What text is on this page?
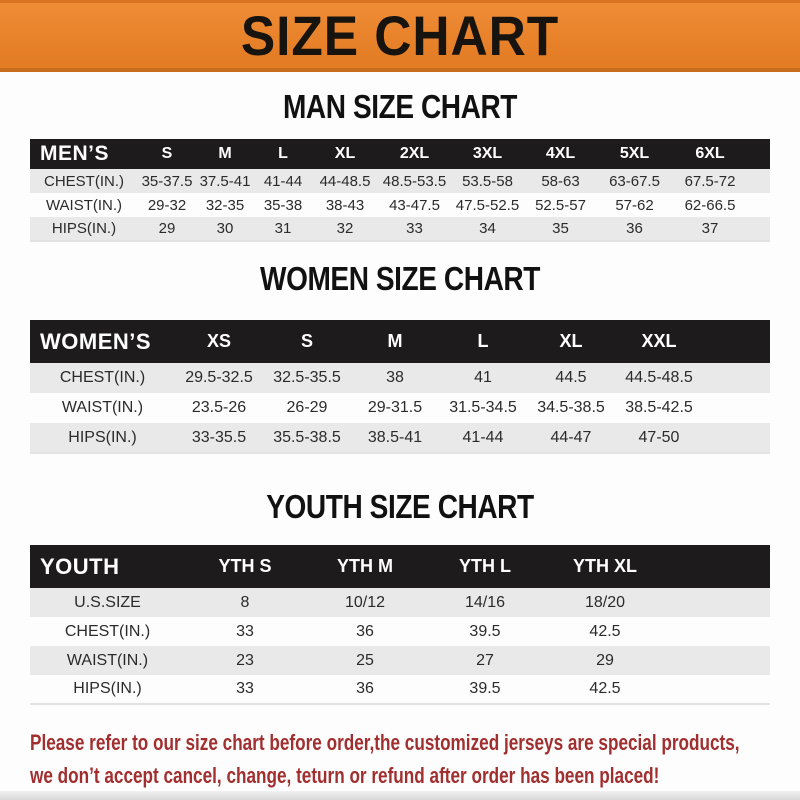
SIZE CHART
MAN SIZE CHART
MEN’S	S	M	L	XL	2XL	3XL	4XL	5XL	6XL	
CHEST(IN.)	35-37.5	37.5-41	41-44	44-48.5	48.5-53.5	53.5-58	58-63	63-67.5	67.5-72	
WAIST(IN.)	29-32	32-35	35-38	38-43	43-47.5	47.5-52.5	52.5-57	57-62	62-66.5	
HIPS(IN.)	29	30	31	32	33	34	35	36	37	
WOMEN SIZE CHART
WOMEN’S	XS	S	M	L	XL	XXL	
CHEST(IN.)	29.5-32.5	32.5-35.5	38	41	44.5	44.5-48.5	
WAIST(IN.)	23.5-26	26-29	29-31.5	31.5-34.5	34.5-38.5	38.5-42.5	
HIPS(IN.)	33-35.5	35.5-38.5	38.5-41	41-44	44-47	47-50	
YOUTH SIZE CHART
YOUTH	YTH S	YTH M	YTH L	YTH XL	
U.S.SIZE	8	10/12	14/16	18/20	
CHEST(IN.)	33	36	39.5	42.5	
WAIST(IN.)	23	25	27	29	
HIPS(IN.)	33	36	39.5	42.5	

Please refer to our size chart before order,the customized jerseys are special products,

we don’t accept cancel, change, teturn or refund after order has been placed!
